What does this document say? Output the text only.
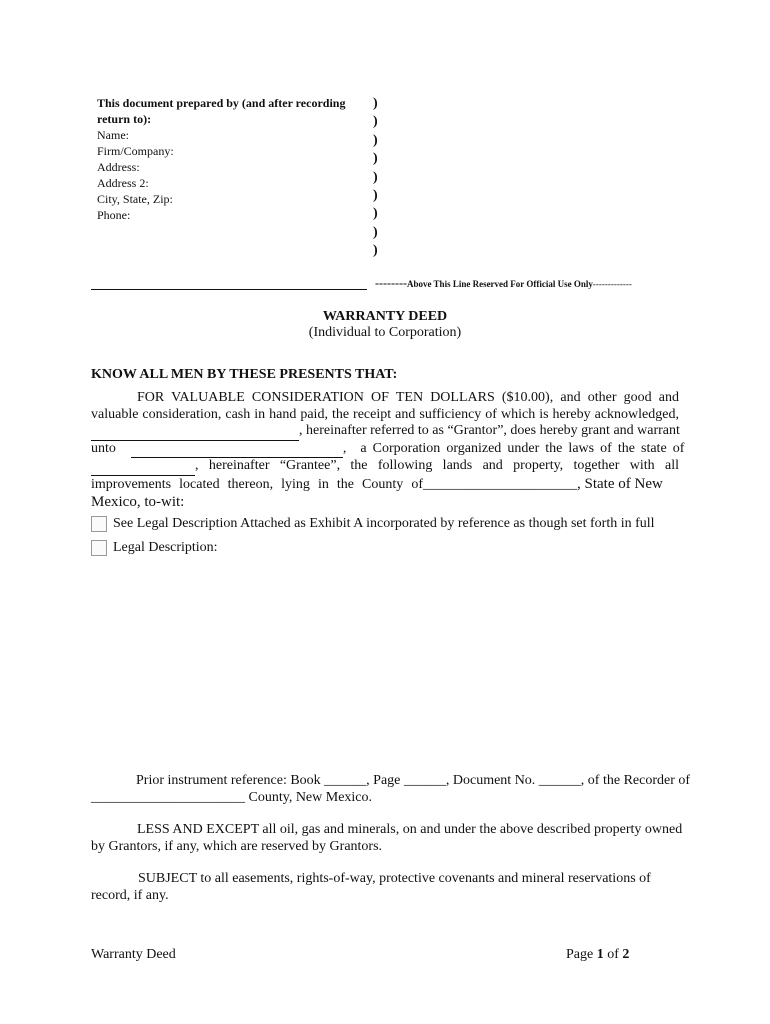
This document prepared by (and after recording return to):
Name:
Firm/Company:
Address:
Address 2:
City, State, Zip:
Phone:
)
)
)
)
)
)
)
)
)
--------Above This Line Reserved For Official Use Only-------------
WARRANTY DEED
(Individual to Corporation)
KNOW ALL MEN BY THESE PRESENTS THAT:
FOR VALUABLE CONSIDERATION OF TEN DOLLARS ($10.00), and other good and
valuable consideration, cash in hand paid, the receipt and sufficiency of which is hereby acknowledged,
, hereinafter referred to as “Grantor”, does hereby grant and warrant
unto	, a Corporation organized under the laws of the state of
, hereinafter “Grantee”, the following lands and property, together with all
improvements located thereon, lying in the County of______________________, State of New
Mexico, to-wit:
See Legal Description Attached as Exhibit A incorporated by reference as though set forth in full
Legal Description:
Prior instrument reference: Book ______, Page ______, Document No. ______, of the Recorder of
______________________ County, New Mexico.
LESS AND EXCEPT all oil, gas and minerals, on and under the above described property owned
by Grantors, if any, which are reserved by Grantors.
SUBJECT to all easements, rights-of-way, protective covenants and mineral reservations of
record, if any.
Warranty Deed	Page 1 of 2
